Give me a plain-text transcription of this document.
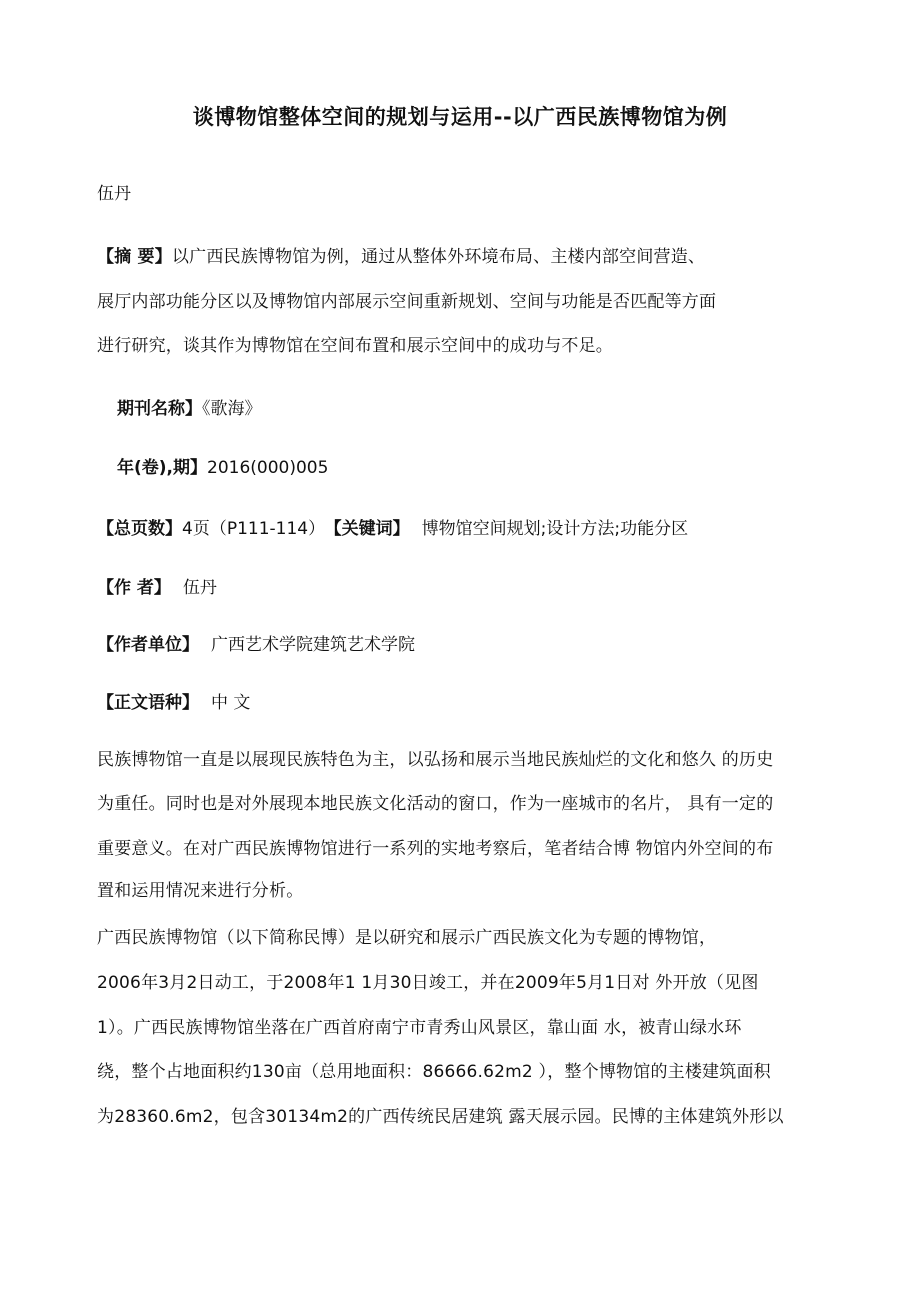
谈博物馆整体空间的规划与运用--以广西民族博物馆为例
伍丹
【摘 要】以广西民族博物馆为例，通过从整体外环境布局、主楼内部空间营造、
展厅内部功能分区以及博物馆内部展示空间重新规划、空间与功能是否匹配等方面
进行研究，谈其作为博物馆在空间布置和展示空间中的成功与不足。
期刊名称】《歌海》
年(卷),期】2016(000)005
【总页数】4页（P111-114） 【关键词】 博物馆空间规划;设计方法;功能分区
【作 者】 伍丹
【作者单位】 广西艺术学院建筑艺术学院
【正文语种】 中 文
民族博物馆一直是以展现民族特色为主，以弘扬和展示当地民族灿烂的文化和悠久 的历史
为重任。同时也是对外展现本地民族文化活动的窗口，作为一座城市的名片， 具有一定的
重要意义。在对广西民族博物馆进行一系列的实地考察后，笔者结合博 物馆内外空间的布
置和运用情况来进行分析。
广西民族博物馆（以下简称民博）是以研究和展示广西民族文化为专题的博物馆，
2006年3月2日动工，于2008年1 1月30日竣工，并在2009年5月1日对 外开放（见图
1）。广西民族博物馆坐落在广西首府南宁市青秀山风景区，靠山面 水，被青山绿水环
绕，整个占地面积约130亩（总用地面积：86666.62m2 ），整个博物馆的主楼建筑面积
为28360.6m2，包含30134m2的广西传统民居建筑 露天展示园。民博的主体建筑外形以
